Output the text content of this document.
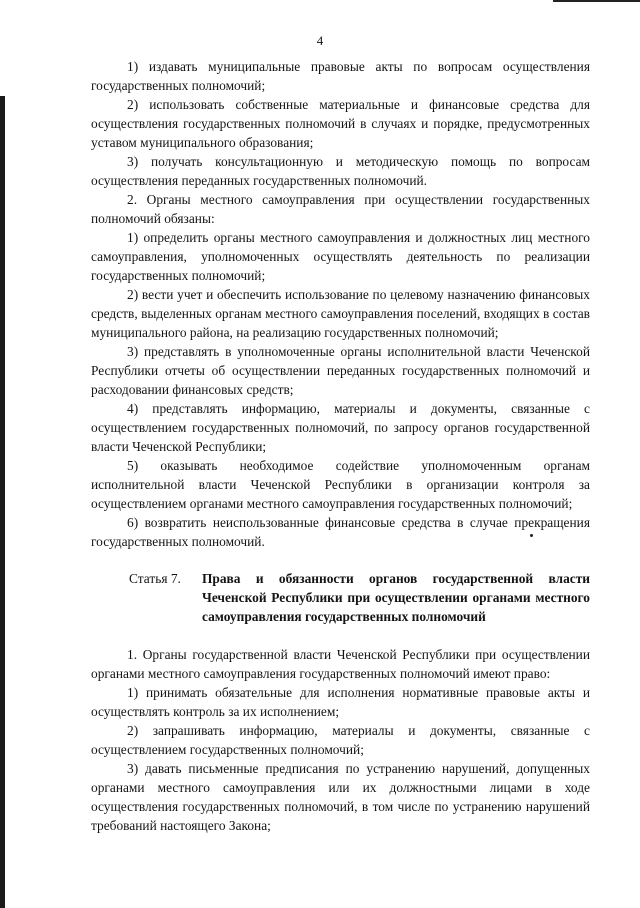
4

1) издавать муниципальные правовые акты по вопросам осуществления государственных полномочий;

2) использовать собственные материальные и финансовые средства для осуществления государственных полномочий в случаях и порядке, предусмотренных уставом муниципального образования;

3) получать консультационную и методическую помощь по вопросам осуществления переданных государственных полномочий.

2. Органы местного самоуправления при осуществлении государственных полномочий обязаны:

1) определить органы местного самоуправления и должностных лиц местного самоуправления, уполномоченных осуществлять деятельность по реализации государственных полномочий;

2) вести учет и обеспечить использование по целевому назначению финансовых средств, выделенных органам местного самоуправления поселений, входящих в состав муниципального района, на реализацию государственных полномочий;

3) представлять в уполномоченные органы исполнительной власти Чеченской Республики отчеты об осуществлении переданных государственных полномочий и расходовании финансовых средств;

4) представлять информацию, материалы и документы, связанные с осуществлением государственных полномочий, по запросу органов государственной власти Чеченской Республики;

5) оказывать необходимое содействие уполномоченным органам исполнительной власти Чеченской Республики в организации контроля за осуществлением органами местного самоуправления государственных полномочий;

6) возвратить неиспользованные финансовые средства в случае прекращения государственных полномочий.

Статья 7. Права и обязанности органов государственной власти Чеченской Республики при осуществлении органами местного самоуправления государственных полномочий

1. Органы государственной власти Чеченской Республики при осуществлении органами местного самоуправления государственных полномочий имеют право:

1) принимать обязательные для исполнения нормативные правовые акты и осуществлять контроль за их исполнением;

2) запрашивать информацию, материалы и документы, связанные с осуществлением государственных полномочий;

3) давать письменные предписания по устранению нарушений, допущенных органами местного самоуправления или их должностными лицами в ходе осуществления государственных полномочий, в том числе по устранению нарушений требований настоящего Закона;
